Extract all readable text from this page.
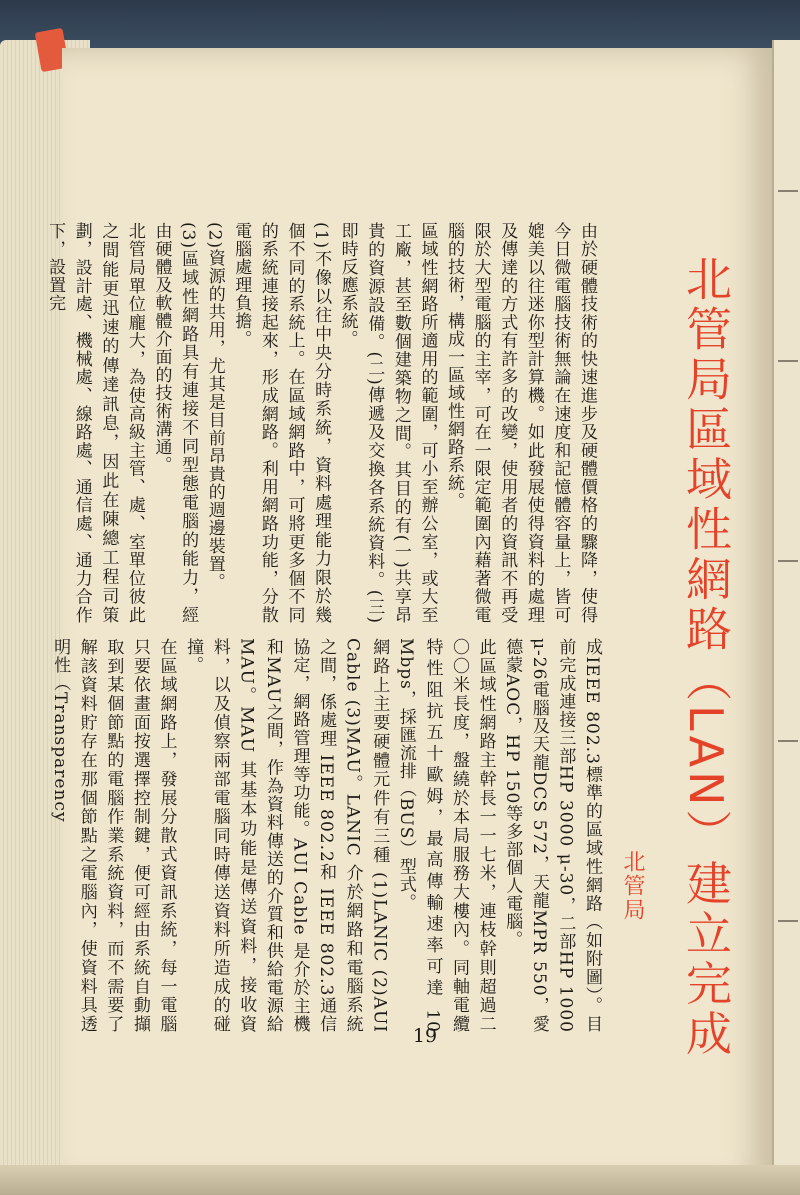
北管局區域性網路（LAN）建立完成
北管局

由於硬體技術的快速進步及硬體價格的驟降，使得今日微電腦技術無論在速度和記憶體容量上，皆可媲美以往迷你型計算機。如此發展使得資料的處理及傳達的方式有許多的改變，使用者的資訊不再受限於大型電腦的主宰，可在一限定範圍內藉著微電腦的技術，構成一區域性網路系統。

區域性網路所適用的範圍，可小至辦公室，或大至工廠，甚至數個建築物之間。其目的有(一)共享昂貴的資源設備。(二)傳遞及交換各系統資料。(三)即時反應系統。

(1)不像以往中央分時系統，資料處理能力限於幾個不同的系統上。在區域網路中，可將更多個不同的系統連接起來，形成網路。利用網路功能，分散電腦處理負擔。

(2)資源的共用，尤其是目前昂貴的週邊裝置。

(3)區域性網路具有連接不同型態電腦的能力，經由硬體及軟體介面的技術溝通。

北管局單位龐大，為使高級主管、處、室單位彼此之間能更迅速的傳達訊息，因此在陳總工程司策劃，設計處、機械處、線路處、通信處、通力合作下，設置完

成IEEE 802.3標準的區域性網路（如附圖）。目前完成連接三部HP 3000 μ-30，二部HP 1000 μ-26電腦及天龍DCS 572，天龍MPR 550，愛德蒙AOC，HP 150等多部個人電腦。

此區域性網路主幹長一一七米，連枝幹則超過二〇〇米長度，盤繞於本局服務大樓內。同軸電纜特性阻抗五十歐姆，最高傳輸速率可達 10 Mbps，採匯流排（BUS）型式。

網路上主要硬體元件有三種 (1)LANIC (2)AUI Cable (3)MAU。LANIC 介於網路和電腦系統之間，係處理 IEEE 802.2和 IEEE 802.3通信協定，網路管理等功能。AUI Cable 是介於主機和MAU之間，作為資料傳送的介質和供給電源給MAU。MAU 其基本功能是傳送資料，接收資料，以及偵察兩部電腦同時傳送資料所造成的碰撞。

在區域網路上，發展分散式資訊系統，每一電腦只要依畫面按選擇控制鍵，便可經由系統自動擷取到某個節點的電腦作業系統資料，而不需要了解該資料貯存在那個節點之電腦內，使資料具透明性（Transparency

19
